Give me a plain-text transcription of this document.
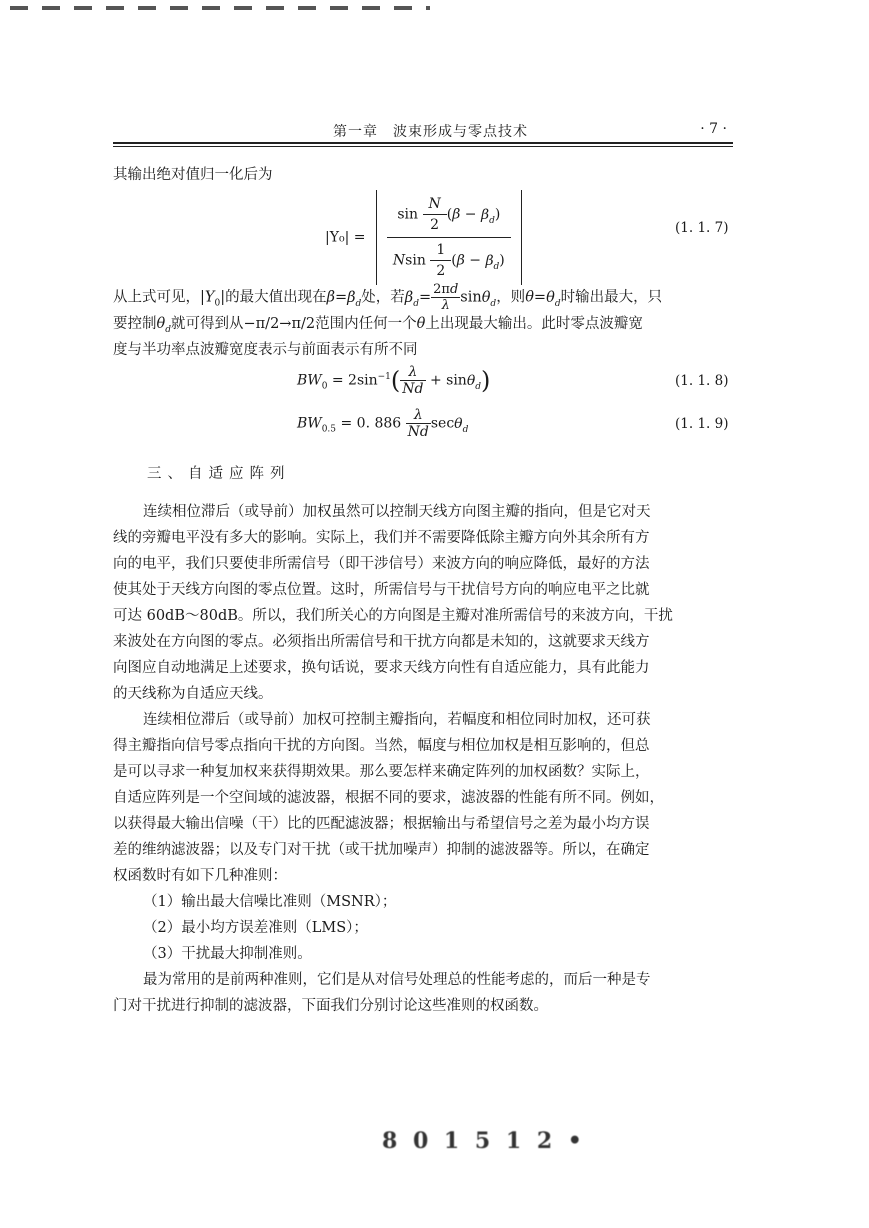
第一章　波束形成与零点技术	· 7 ·
其输出绝对值归一化后为
$|Y_0| = \frac{\sin \frac{N}{2} (\beta - \beta_d)}{Nsin \frac{1}{2} (\beta - \beta_d)}$	(1. 1. 7)
从上式可见，$|Y_0|$的最大值出现在$\beta=\beta_d$处，若$\beta_d= \frac{2\pi d}{\lambda} \sin\theta_d$，则$\theta=\theta_d$时输出最大，只
要控制$\theta_d$就可得到从−π/2→π/2范围内任何一个θ上出现最大输出。此时零点波瓣宽
度与半功率点波瓣宽度表示与前面表示有所不同
$BW_0 = 2\sin^{-1}( \frac{\lambda}{Nd} + \sin\theta_d)$	(1. 1. 8)
$BW_{0.5} = 0$. $886 \frac{\lambda}{Nd} \sec\theta_d$	(1. 1. 9)
三、自适应阵列
连续相位滞后（或导前）加权虽然可以控制天线方向图主瓣的指向，但是它对天
线的旁瓣电平没有多大的影响。实际上，我们并不需要降低除主瓣方向外其余所有方
向的电平，我们只要使非所需信号（即干涉信号）来波方向的响应降低，最好的方法
使其处于天线方向图的零点位置。这时，所需信号与干扰信号方向的响应电平之比就
可达 60dB～80dB。所以，我们所关心的方向图是主瓣对准所需信号的来波方向，干扰
来波处在方向图的零点。必须指出所需信号和干扰方向都是未知的，这就要求天线方
向图应自动地满足上述要求，换句话说，要求天线方向性有自适应能力，具有此能力
的天线称为自适应天线。
连续相位滞后（或导前）加权可控制主瓣指向，若幅度和相位同时加权，还可获
得主瓣指向信号零点指向干扰的方向图。当然，幅度与相位加权是相互影响的，但总
是可以寻求一种复加权来获得期效果。那么要怎样来确定阵列的加权函数？实际上，
自适应阵列是一个空间域的滤波器，根据不同的要求，滤波器的性能有所不同。例如，
以获得最大输出信噪（干）比的匹配滤波器；根据输出与希望信号之差为最小均方误
差的维纳滤波器；以及专门对干扰（或干扰加噪声）抑制的滤波器等。所以，在确定
权函数时有如下几种准则：
（1）输出最大信噪比准则（MSNR）；
（2）最小均方误差准则（LMS）；
（3）干扰最大抑制准则。
最为常用的是前两种准则，它们是从对信号处理总的性能考虑的，而后一种是专
门对干扰进行抑制的滤波器，下面我们分别讨论这些准则的权函数。
8 0 1 5 1 2 •
